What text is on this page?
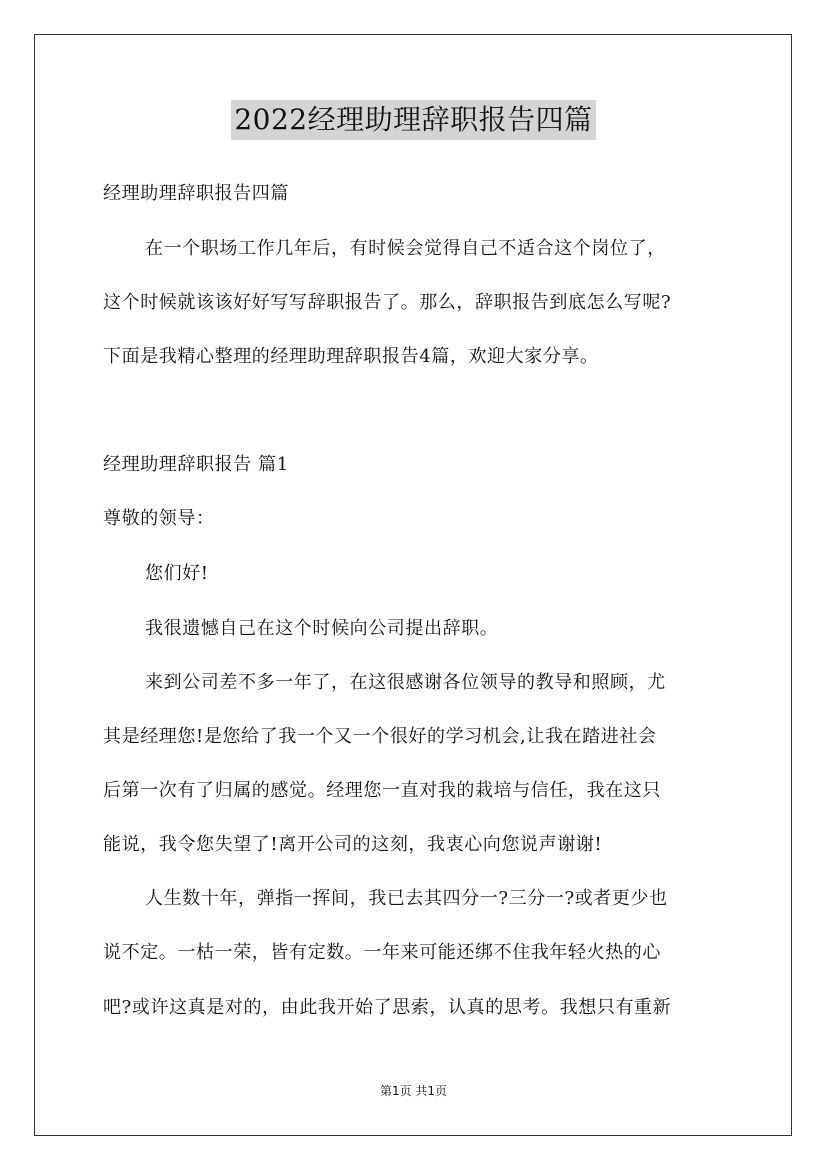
2022经理助理辞职报告四篇
经理助理辞职报告四篇
在一个职场工作几年后，有时候会觉得自己不适合这个岗位了，
这个时候就该该好好写写辞职报告了。那么，辞职报告到底怎么写呢?
下面是我精心整理的经理助理辞职报告4篇，欢迎大家分享。
经理助理辞职报告 篇1
尊敬的领导：
您们好!
我很遗憾自己在这个时候向公司提出辞职。
来到公司差不多一年了，在这很感谢各位领导的教导和照顾，尤
其是经理您!是您给了我一个又一个很好的学习机会,让我在踏进社会
后第一次有了归属的感觉。经理您一直对我的栽培与信任，我在这只
能说，我令您失望了!离开公司的这刻，我衷心向您说声谢谢!
人生数十年，弹指一挥间，我已去其四分一?三分一?或者更少也
说不定。一枯一荣，皆有定数。一年来可能还绑不住我年轻火热的心
吧?或许这真是对的，由此我开始了思索，认真的思考。我想只有重新
第1页 共1页
